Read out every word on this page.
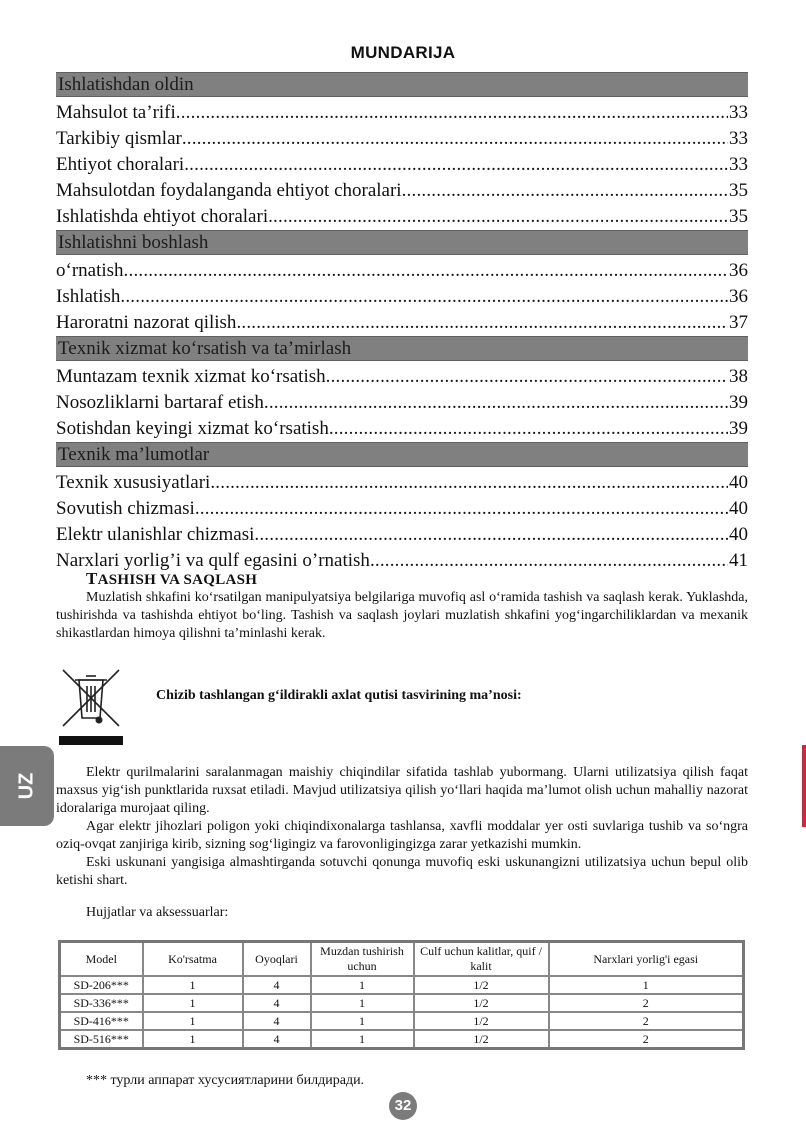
MUNDARIJA
Ishlatishdan oldin
Mahsulot ta’rifi .....	33
Tarkibiy qismlar .....	33
Ehtiyot choralari .....	33
Mahsulotdan foydalanganda ehtiyot choralari .....	35
Ishlatishda ehtiyot choralari .....	35
Ishlatishni boshlash
o‘rnatish .....	36
Ishlatish .....	36
Haroratni nazorat qilish .....	37
Texnik xizmat ko‘rsatish va ta’mirlash
Muntazam texnik xizmat ko‘rsatish .....	38
Nosozliklarni bartaraf etish .....	39
Sotishdan keyingi xizmat ko‘rsatish .....	39
Texnik ma’lumotlar
Texnik xususiyatlari .....	40
Sovutish chizmasi .....	40
Elektr ulanishlar chizmasi .....	40
Narxlari yorlig’i va qulf egasini o’rnatish .....	41
TASHISH VA SAQLASH

Muzlatish shkafini ko‘rsatilgan manipulyatsiya belgilariga muvofiq asl o‘ramida tashish va saqlash kerak. Yuklashda, tushirishda va tashishda ehtiyot bo‘ling. Tashish va saqlash joylari muzlatish shkafini yog‘ingarchiliklardan va mexanik shikastlardan himoya qilishni ta’minlashi kerak.

Chizib tashlangan g‘ildirakli axlat qutisi tasvirining ma’nosi:
UZ

Elektr qurilmalarini saralanmagan maishiy chiqindilar sifatida tashlab yubormang. Ularni utilizatsiya qilish faqat maxsus yig‘ish punktlarida ruxsat etiladi. Mavjud utilizatsiya qilish yo‘llari haqida ma’lumot olish uchun mahalliy nazorat idoralariga murojaat qiling.

Agar elektr jihozlari poligon yoki chiqindixonalarga tashlansa, xavfli moddalar yer osti suvlariga tushib va so‘ngra oziq-ovqat zanjiriga kirib, sizning sog‘ligingiz va farovonligingizga zarar yetkazishi mumkin.

Eski uskunani yangisiga almashtirganda sotuvchi qonunga muvofiq eski uskunangizni utilizatsiya uchun bepul olib ketishi shart.

Hujjatlar va aksessuarlar:
Model	Ko'rsatma	Oyoqlari	Muzdan tushirish uchun	Culf uchun kalitlar, quif / kalit	Narxlari yorlig'i egasi
SD-206***	1	4	1	1/2	1
SD-336***	1	4	1	1/2	2
SD-416***	1	4	1	1/2	2
SD-516***	1	4	1	1/2	2
*** турли аппарат хусусиятларини билдиради.
32
